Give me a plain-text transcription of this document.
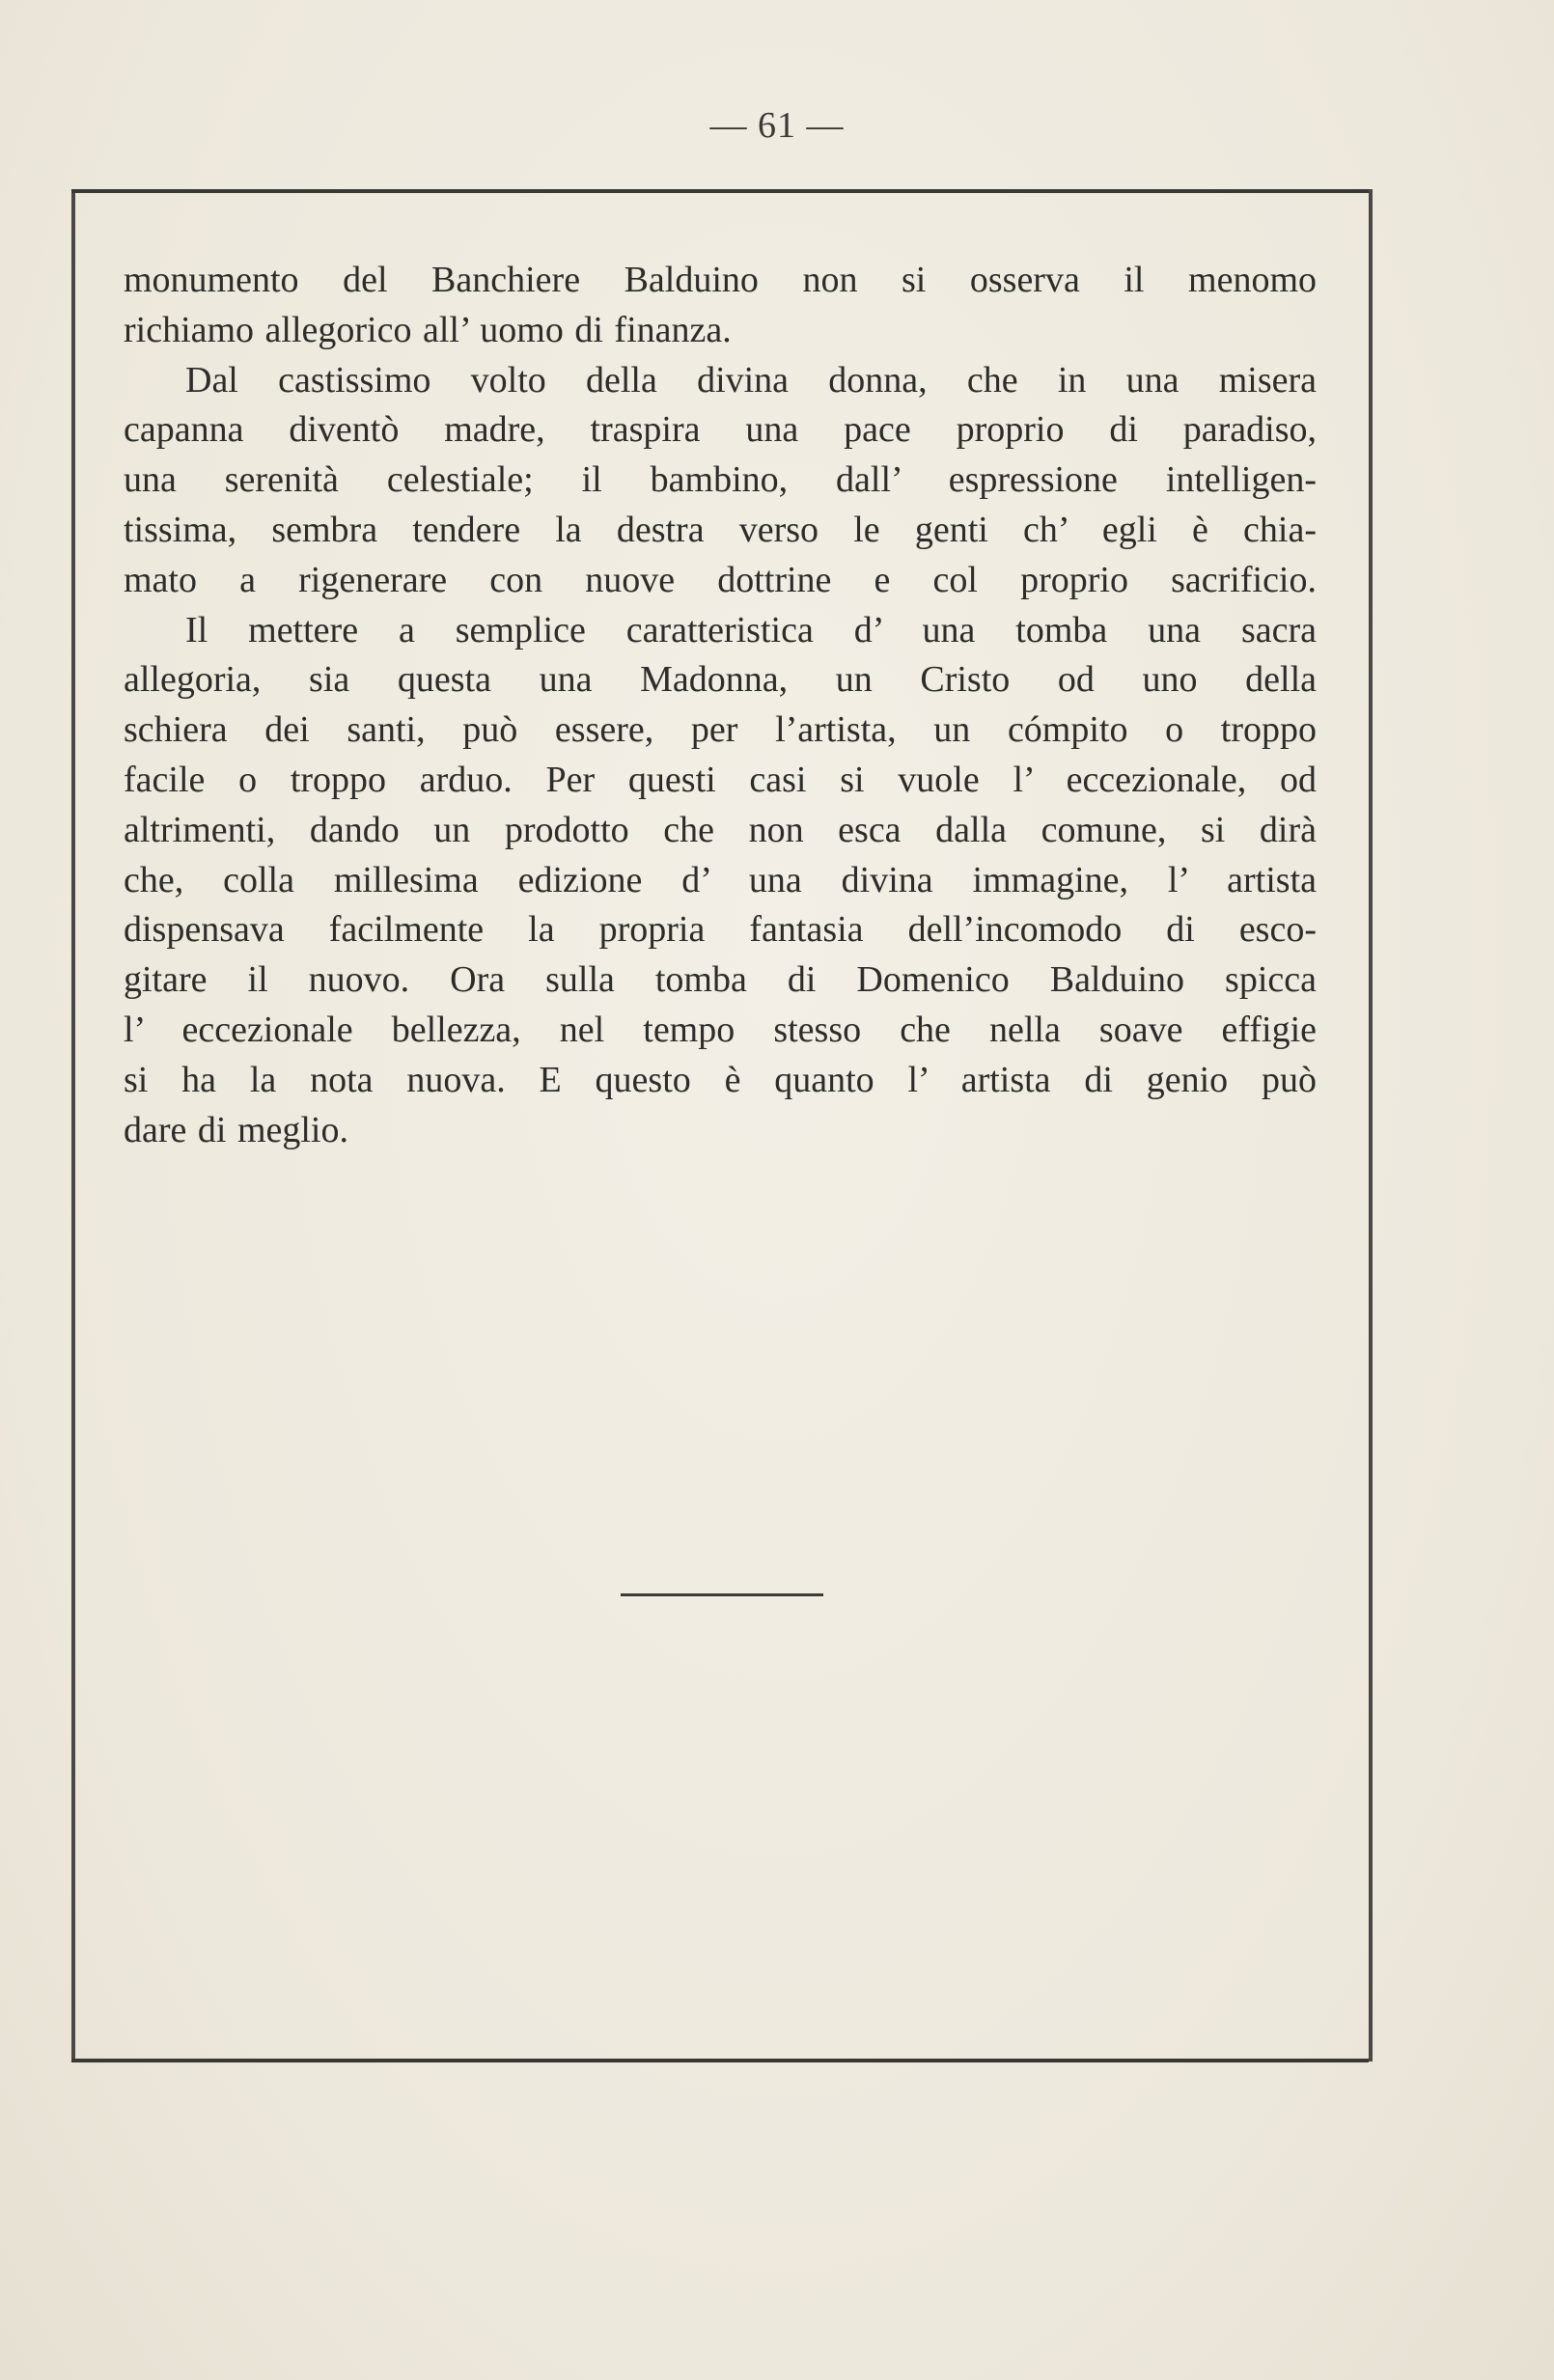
— 61 —
monumento del Banchiere Balduino non si osserva il menomo
richiamo allegorico all’ uomo di finanza.
Dal castissimo volto della divina donna, che in una misera
capanna diventò madre, traspira una pace proprio di paradiso,
una serenità celestiale; il bambino, dall’ espressione intelligen-
tissima, sembra tendere la destra verso le genti ch’ egli è chia-
mato a rigenerare con nuove dottrine e col proprio sacrificio.
Il mettere a semplice caratteristica d’ una tomba una sacra
allegoria, sia questa una Madonna, un Cristo od uno della
schiera dei santi, può essere, per l’artista, un cómpito o troppo
facile o troppo arduo. Per questi casi si vuole l’ eccezionale, od
altrimenti, dando un prodotto che non esca dalla comune, si dirà
che, colla millesima edizione d’ una divina immagine, l’ artista
dispensava facilmente la propria fantasia dell’incomodo di esco-
gitare il nuovo. Ora sulla tomba di Domenico Balduino spicca
l’ eccezionale bellezza, nel tempo stesso che nella soave effigie
si ha la nota nuova. E questo è quanto l’ artista di genio può
dare di meglio.
